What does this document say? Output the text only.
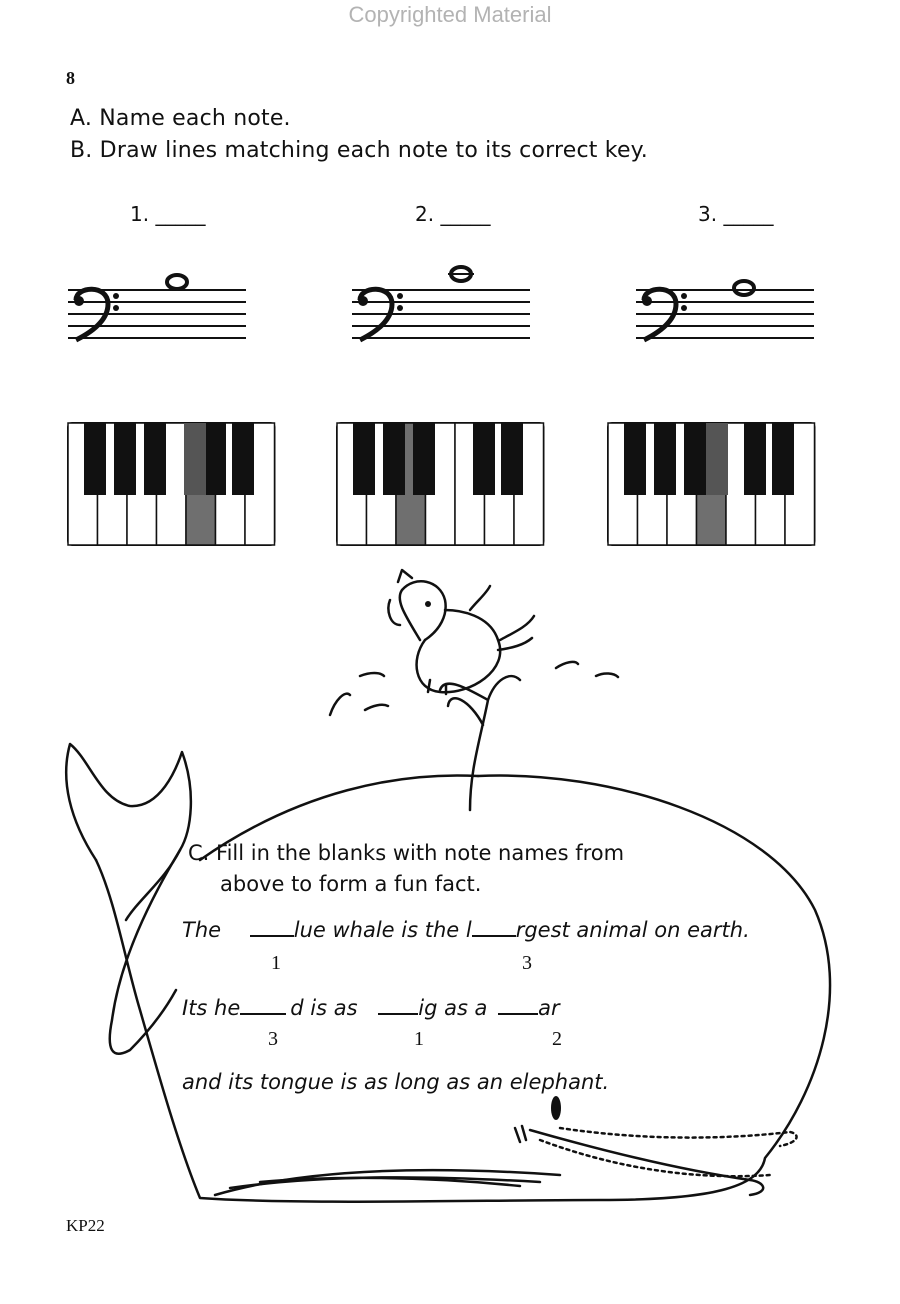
Copyrighted Material
8
A. Name each note.
B. Draw lines matching each note to its correct key.
1. _____	2. _____	3. _____
C. Fill in the blanks with note names from
above to form a fun fact.
The	lue whale is the l rgest animal on earth.
1	3
Its he d is as	ig as a ar
3	1	2
and its tongue is as long as an elephant.
KP22
